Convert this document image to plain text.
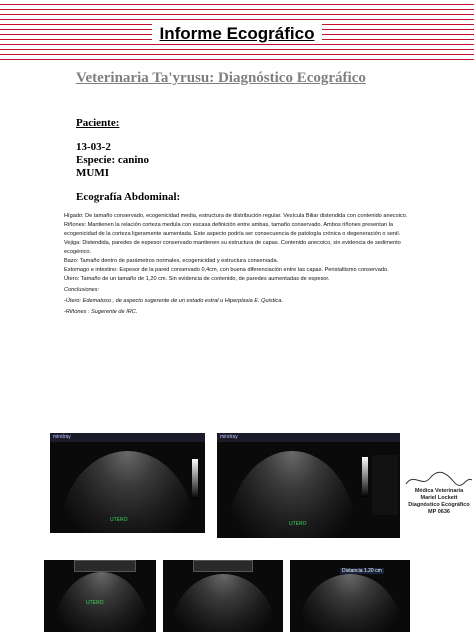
Informe Ecográfico
Veterinaria Ta'yrusu: Diagnóstico Ecográfico
Paciente:
13-03-2
Especie: canino
MUMI
Ecografía Abdominal:

Hígado: De tamaño conservado, ecogenicidad media, estructura de distribución regular. Vesícula Biliar distendida con contenido anecoico.

Riñones: Mantienen la relación corteza medula con escasa definición entre ambas, tamaño conservado. Ambos riñones presentan la ecogenicidad de la corteza ligeramente aumentada. Este aspecto podría ser consecuencia de patología crónica o degeneración o senil.

Vejiga: Distendida, paredes de espesor conservado mantienen su estructura de capas. Contenido anecoico, sin evidencia de sedimento ecogénico.

Bazo: Tamaño dentro de parámetros normales, ecogenicidad y estructura conservada.

Estomago e intestino: Espesor de la pared conservado 0,4cm, con buena diferenciación entre las capas. Peristaltismo conservado.

Útero: Tamaño de un tamaño de 1,20 cm. Sin evidencia de contenido, de paredes aumentadas de espesor.

Conclusiones:

-Útero: Edematoso , de aspecto sugerente de un estado estral u Hiperplasia E. Quistica.

-Riñones : Sugerente de IRC.

mindray
UTERO
mindray
UTERO
UTERO
Distancia 1.20 cm
Médica Veterinaria
Mariel Lockett
Diagnóstico Ecográfico
MP 0636
